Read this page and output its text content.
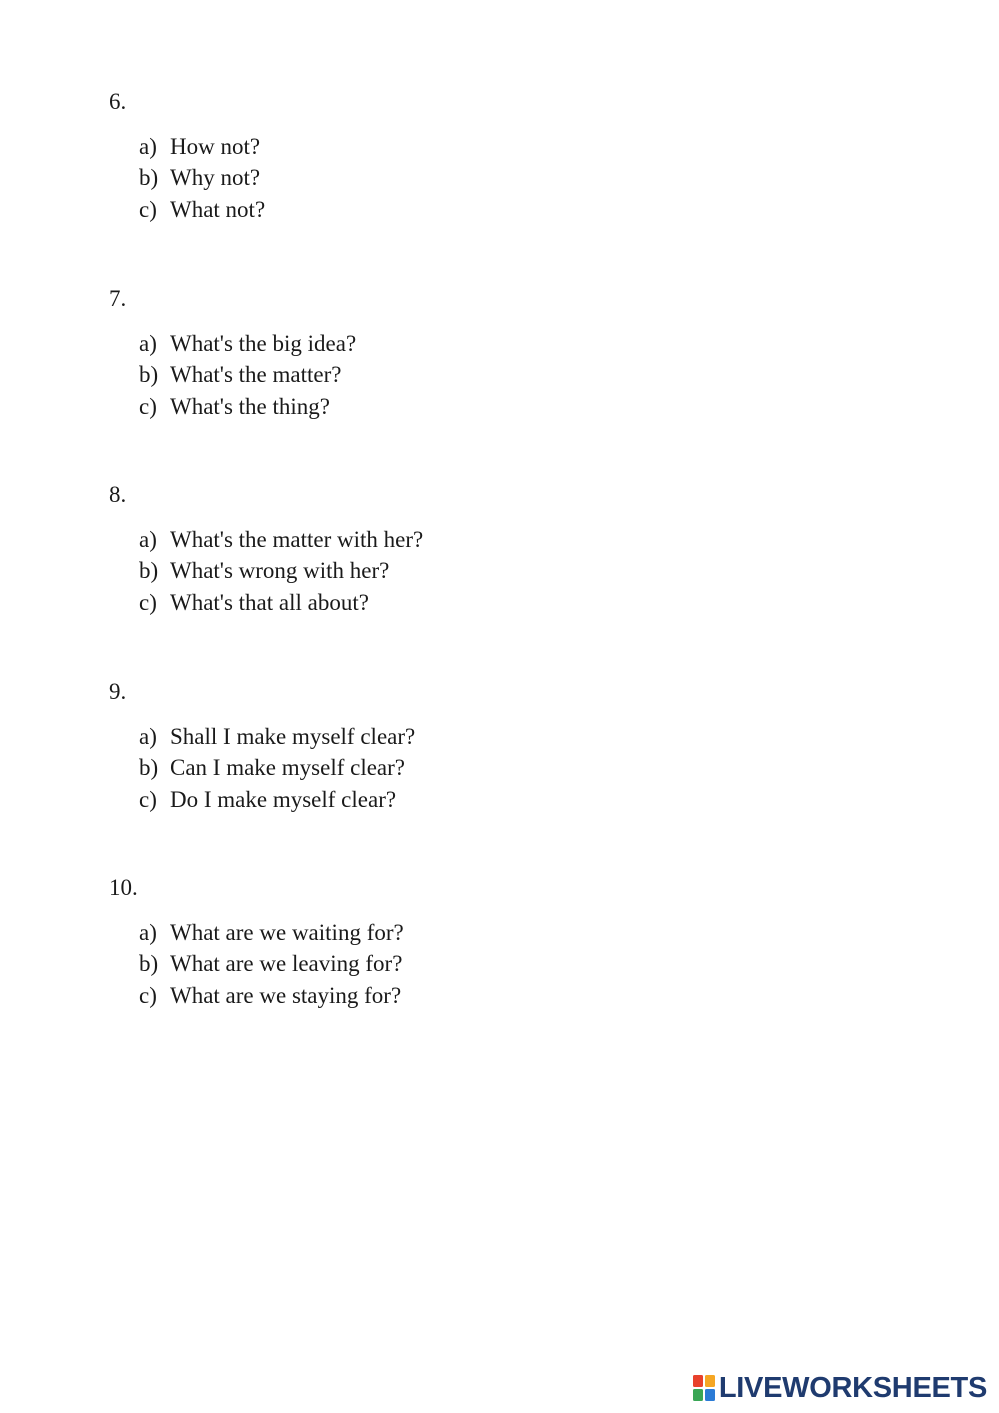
6.
a) How not?
b) Why not?
c) What not?
7.
a) What's the big idea?
b) What's the matter?
c) What's the thing?
8.
a) What's the matter with her?
b) What's wrong with her?
c) What's that all about?
9.
a) Shall I make myself clear?
b) Can I make myself clear?
c) Do I make myself clear?
10.
a) What are we waiting for?
b) What are we leaving for?
c) What are we staying for?
LIVEWORKSHEETS
